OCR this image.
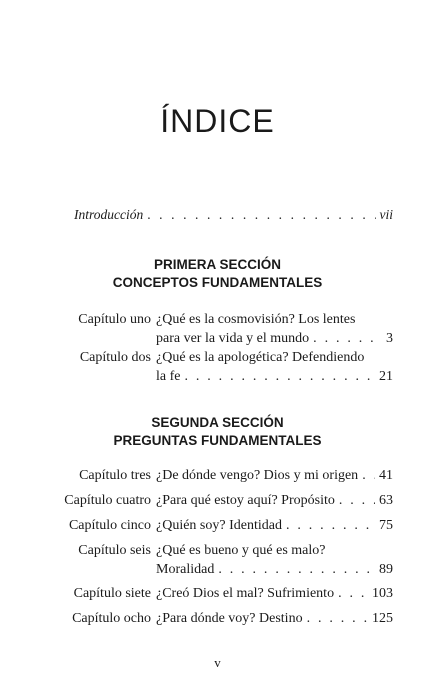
ÍNDICE
Introducción . . .	vii
PRIMERA SECCIÓN
CONCEPTOS FUNDAMENTALES
Capítulo uno ¿Qué es la cosmovisión? Los lentes
para ver la vida y el mundo . . .	3
Capítulo dos ¿Qué es la apologética? Defendiendo
la fe . . .	21
SEGUNDA SECCIÓN
PREGUNTAS FUNDAMENTALES
Capítulo tres ¿De dónde vengo? Dios y mi origen . . . 41
Capítulo cuatro ¿Para qué estoy aquí? Propósito . . .	63
Capítulo cinco ¿Quién soy? Identidad . . .	75
Capítulo seis ¿Qué es bueno y qué es malo?
Moralidad . . .	89
Capítulo siete ¿Creó Dios el mal? Sufrimiento . . .	103
Capítulo ocho ¿Para dónde voy? Destino . . .	125
v
